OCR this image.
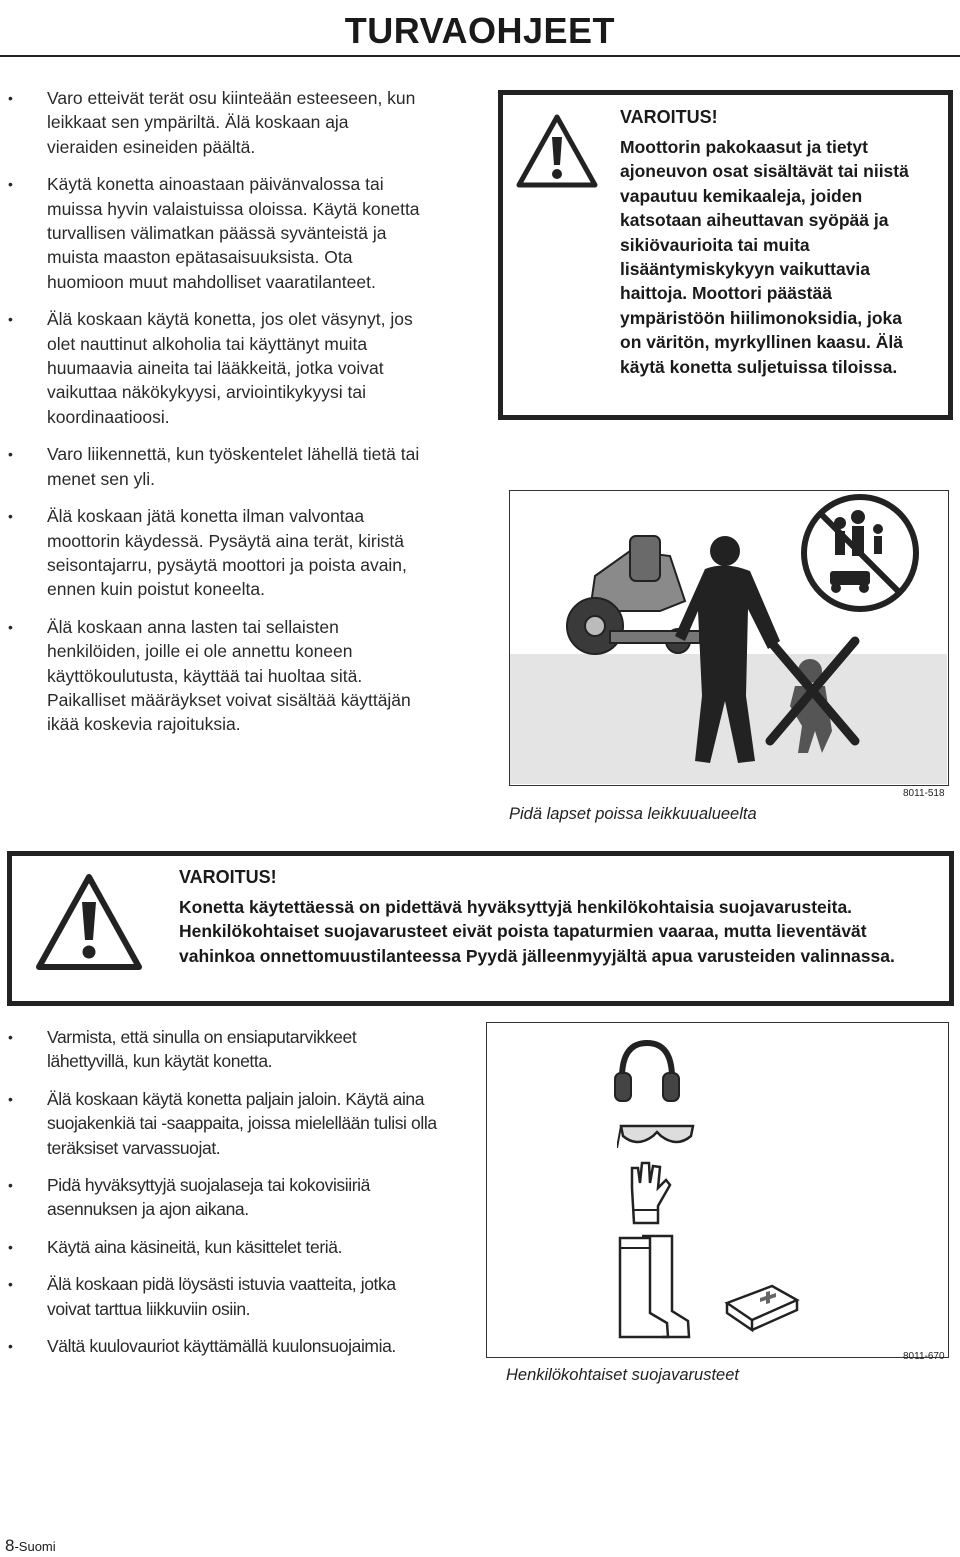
TURVAOHJEET
• Varo etteivät terät osu kiinteään esteeseen, kun leikkaat sen ympäriltä. Älä koskaan aja vieraiden esineiden päältä.
• Käytä konetta ainoastaan päivänvalossa tai muissa hyvin valaistuissa oloissa. Käytä konetta turvallisen välimatkan päässä syvänteistä ja muista maaston epätasaisuuksista. Ota huomioon muut mahdolliset vaaratilanteet.
• Älä koskaan käytä konetta, jos olet väsynyt, jos olet nauttinut alkoholia tai käyttänyt muita huumaavia aineita tai lääkkeitä, jotka voivat vaikuttaa näkökykyysi, arviointikykyysi tai koordinaatioosi.
• Varo liikennettä, kun työskentelet lähellä tietä tai menet sen yli.
• Älä koskaan jätä konetta ilman valvontaa moottorin käydessä. Pysäytä aina terät, kiristä seisontajarru, pysäytä moottori ja poista avain, ennen kuin poistut koneelta.
• Älä koskaan anna lasten tai sellaisten henkilöiden, joille ei ole annettu koneen käyttökoulutusta, käyttää tai huoltaa sitä. Paikalliset määräykset voivat sisältää käyttäjän ikää koskevia rajoituksia.
VAROITUS!
Moottorin pakokaasut ja tietyt ajoneuvon osat sisältävät tai niistä vapautuu kemikaaleja, joiden katsotaan aiheuttavan syöpää ja sikiövaurioita tai muita lisääntymiskykyyn vaikuttavia haittoja. Moottori päästää ympäristöön hiilimonoksidia, joka on väritön, myrkyllinen kaasu. Älä käytä konetta suljetuissa tiloissa.
Pidä lapset poissa leikkuualueelta
8011-518
VAROITUS!
Konetta käytettäessä on pidettävä hyväksyttyjä henkilökohtaisia suojavarusteita. Henkilökohtaiset suojavarusteet eivät poista tapaturmien vaaraa, mutta lieventävät vahinkoa onnettomuustilanteessa Pyydä jälleenmyyjältä apua varusteiden valinnassa.
• Varmista, että sinulla on ensiaputarvikkeet lähettyvillä, kun käytät konetta.
• Älä koskaan käytä konetta paljain jaloin. Käytä aina suojakenkiä tai -saappaita, joissa mielellään tulisi olla teräksiset varvassuojat.
• Pidä hyväksyttyjä suojalaseja tai kokovisiiriä asennuksen ja ajon aikana.
• Käytä aina käsineitä, kun käsittelet teriä.
• Älä koskaan pidä löysästi istuvia vaatteita, jotka voivat tarttua liikkuviin osiin.
• Vältä kuulovauriot käyttämällä kuulonsuojaimia.
Henkilökohtaiset suojavarusteet
8011-670
8-Suomi
